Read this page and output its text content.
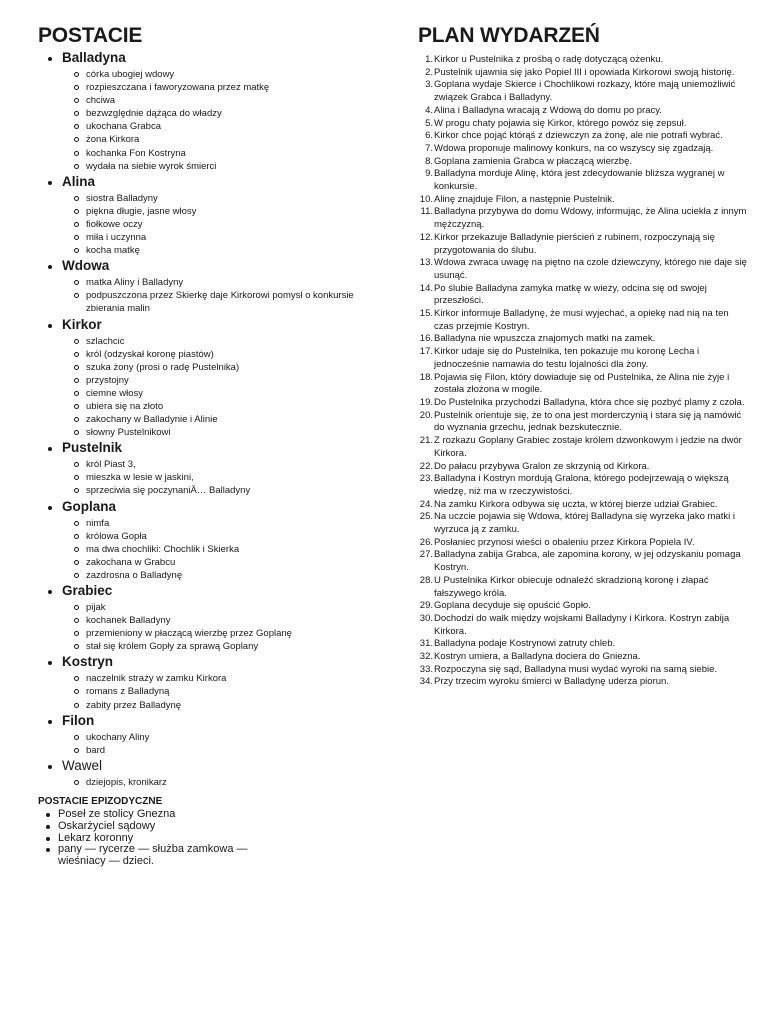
POSTACIE
Balladyna
córka ubogiej wdowy
rozpieszczana i faworyzowana przez matkę
chciwa
bezwzględnie dążąca do władzy
ukochana Grabca
żona Kirkora
kochanka Fon Kostryna
wydała na siebie wyrok śmierci
Alina
siostra Balladyny
piękna długie, jasne włosy
fiołkowe oczy
miła i uczynna
kocha matkę
Wdowa
matka Aliny i Balladyny
podpuszczona przez Skierkę daje Kirkorowi pomysł o konkursie zbierania malin
Kirkor
szlachcic
król (odzyskał koronę piastów)
szuka żony (prosi o radę Pustelnika)
przystojny
ciemne włosy
ubiera się na złoto
zakochany w Balladynie i Alinie
słowny Pustelnikowi
Pustelnik
król Piast 3,
mieszka w lesie w jaskini,
sprzeciwia się poczynaniÄ… Balladyny
Goplana
nimfa
królowa Gopła
ma dwa chochliki: Chochlik i Skierka
zakochana w Grabcu
zazdrosna o Balladynę
Grabiec
pijak
kochanek Balladyny
przemieniony w płaczącą wierzbę przez Goplanę
stał się królem Gopły za sprawą Goplany
Kostryn
naczelnik straży w zamku Kirkora
romans z Balladyną
zabity przez Balladynę
Filon
ukochany Aliny
bard
Wawel
dziejopis, kronikarz
POSTACIE EPIZODYCZNE
Poseł ze stolicy Gnezna
Oskarżyciel sądowy
Lekarz koronny
pany — rycerze — służba zamkowa — wieśniacy — dzieci.
PLAN WYDARZEŃ
1. Kirkor u Pustelnika z prośbą o radę dotyczącą ożenku.
2. Pustelnik ujawnia się jako Popiel III i opowiada Kirkorowi swoją historię.
3. Goplana wydaje Skierce i Chochlikowi rozkazy, które mają uniemożliwić związek Grabca i Balladyny.
4. Alina i Balladyna wracają z Wdową do domu po pracy.
5. W progu chaty pojawia się Kirkor, którego powóz się zepsuł.
6. Kirkor chce pojąć którąś z dziewczyn za żonę, ale nie potrafi wybrać.
7. Wdowa proponuje malinowy konkurs, na co wszyscy się zgadzają.
8. Goplana zamienia Grabca w płaczącą wierzbę.
9. Balladyna morduje Alinę, która jest zdecydowanie bliższa wygranej w konkursie.
10. Alinę znajduje Filon, a następnie Pustelnik.
11. Balladyna przybywa do domu Wdowy, informując, że Alina uciekła z innym mężczyzną.
12. Kirkor przekazuje Balladynie pierścień z rubinem, rozpoczynają się przygotowania do ślubu.
13. Wdowa zwraca uwagę na piętno na czole dziewczyny, którego nie daje się usunąć.
14. Po ślubie Balladyna zamyka matkę w wieży, odcina się od swojej przeszłości.
15. Kirkor informuje Balladynę, że musi wyjechać, a opiekę nad nią na ten czas przejmie Kostryn.
16. Balladyna nie wpuszcza znajomych matki na zamek.
17. Kirkor udaje się do Pustelnika, ten pokazuje mu koronę Lecha i jednocześnie namawia do testu lojalności dla żony.
18. Pojawia się Filon, który dowiaduje się od Pustelnika, że Alina nie żyje i została złożona w mogile.
19. Do Pustelnika przychodzi Balladyna, która chce się pozbyć plamy z czoła.
20. Pustelnik orientuje się, że to ona jest morderczynią i stara się ją namówić do wyznania grzechu, jednak bezskutecznie.
21. Z rozkazu Goplany Grabiec zostaje królem dzwonkowym i jedzie na dwór Kirkora.
22. Do pałacu przybywa Gralon ze skrzynią od Kirkora.
23. Balladyna i Kostryn mordują Gralona, którego podejrzewają o większą wiedzę, niż ma w rzeczywistości.
24. Na zamku Kirkora odbywa się uczta, w której bierze udział Grabiec.
25. Na uczcie pojawia się Wdowa, której Balladyna się wyrzeka jako matki i wyrzuca ją z zamku.
26. Posłaniec przynosi wieści o obaleniu przez Kirkora Popiela IV.
27. Balladyna zabija Grabca, ale zapomina korony, w jej odzyskaniu pomaga Kostryn.
28. U Pustelnika Kirkor obiecuje odnaleźć skradzioną koronę i złapać fałszywego króla.
29. Goplana decyduje się opuścić Gopło.
30. Dochodzi do walk między wojskami Balladyny i Kirkora. Kostryn zabija Kirkora.
31. Balladyna podaje Kostrynowi zatruty chleb.
32. Kostryn umiera, a Balladyna dociera do Gniezna.
33. Rozpoczyna się sąd, Balladyna musi wydać wyroki na samą siebie.
34. Przy trzecim wyroku śmierci w Balladynę uderza piorun.
